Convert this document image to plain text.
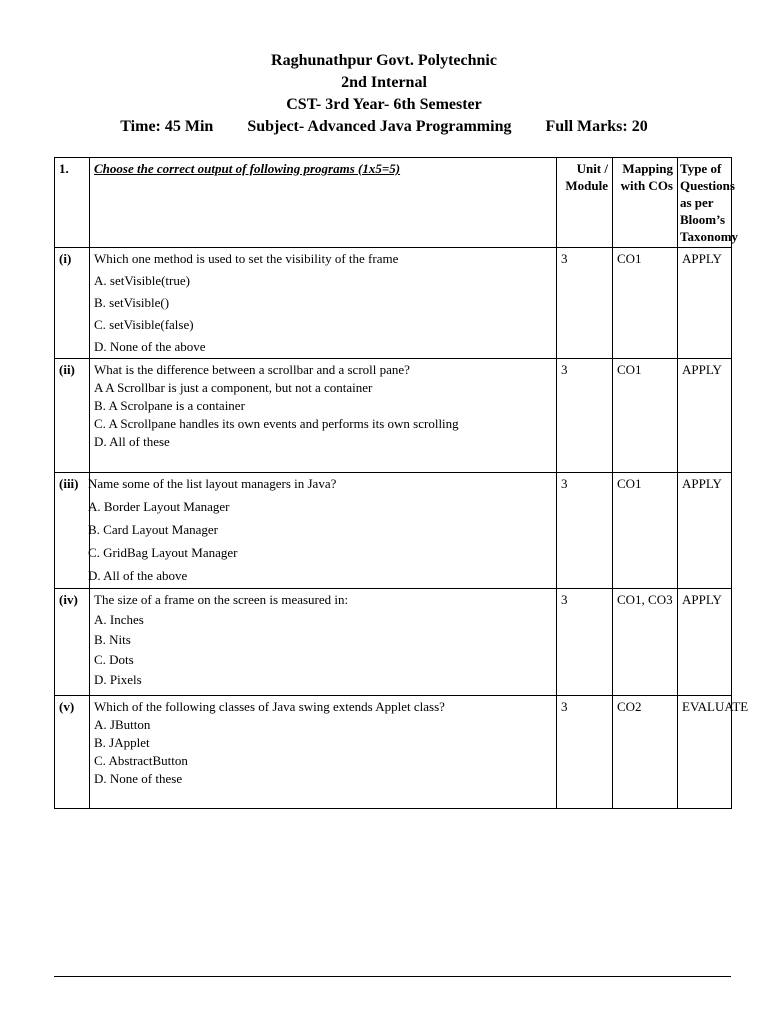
Raghunathpur Govt. Polytechnic
2nd Internal
CST- 3rd Year- 6th Semester
Time: 45 Min Subject- Advanced Java Programming Full Marks: 20
1.	Choose the correct output of following programs (1x5=5)	Unit / Module	Mapping with COs	Type of Questions as per Bloom’s Taxonomy
(i)	Which one method is used to set the visibility of the frame
A. setVisible(true)
B. setVisible()
C. setVisible(false)
D. None of the above	3	CO1	APPLY
(ii)	What is the difference between a scrollbar and a scroll pane?
A A Scrollbar is just a component, but not a container
B. A Scrolpane is a container
C. A Scrollpane handles its own events and performs its own scrolling
D. All of these	3	CO1	APPLY
(iii)	Name some of the list layout managers in Java?
A. Border Layout Manager
B. Card Layout Manager
C. GridBag Layout Manager
D. All of the above	3	CO1	APPLY
(iv)	The size of a frame on the screen is measured in:
A. Inches
B. Nits
C. Dots
D. Pixels	3	CO1, CO3	APPLY
(v)	Which of the following classes of Java swing extends Applet class?
A. JButton
B. JApplet
C. AbstractButton
D. None of these	3	CO2	EVALUATE
